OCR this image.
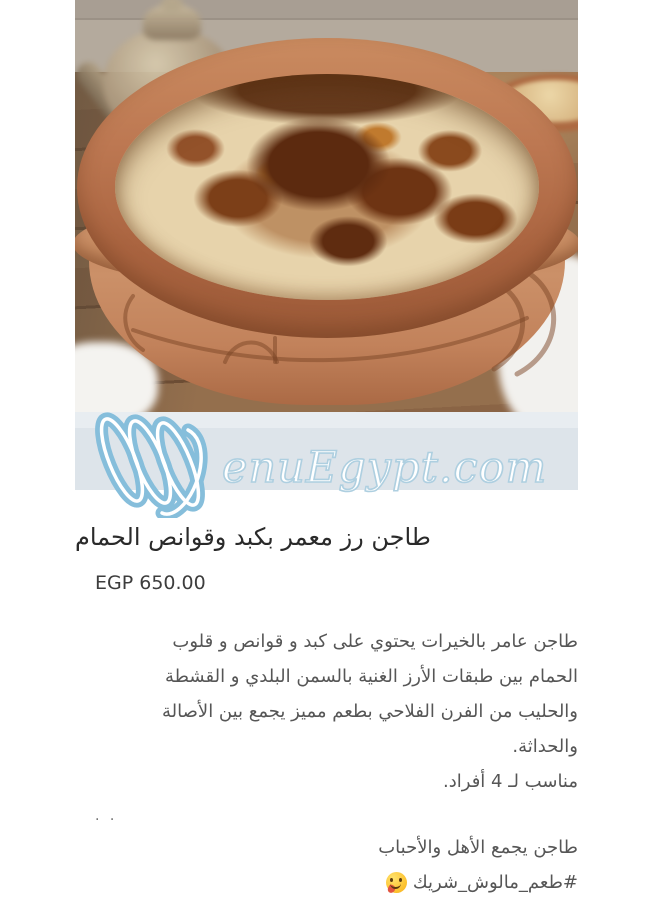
enuEgypt.com
طاجن رز معمر بكبد وقوانص الحمام
EGP 650.00
طاجن عامر بالخيرات يحتوي على كبد و قوانص و قلوب
الحمام بين طبقات الأرز الغنية بالسمن البلدي و القشطة
والحليب من الفرن الفلاحي بطعم مميز يجمع بين الأصالة
والحداثة.
مناسب لـ 4 أفراد.
. .
طاجن يجمع الأهل والأحباب
#طعم_مالوش_شريك
